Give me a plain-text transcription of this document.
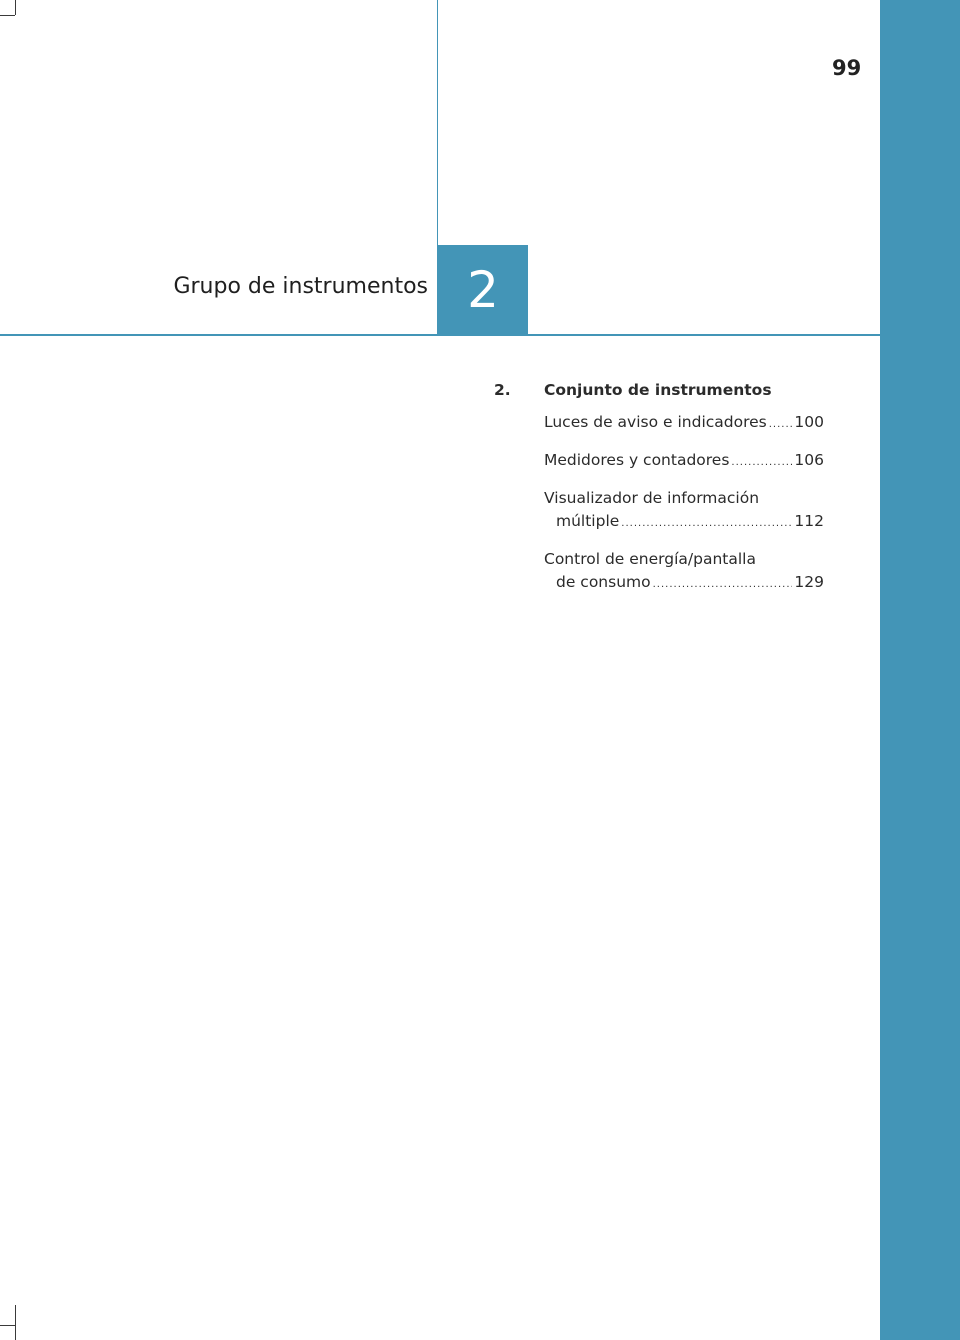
99
Grupo de instrumentos 2
2.	Conjunto de instrumentos
Luces de aviso e indicadores ..... 100
Medidores y contadores .....	106
Visualizador de información
múltiple .....	112
Control de energía/pantalla
de consumo .....	129
